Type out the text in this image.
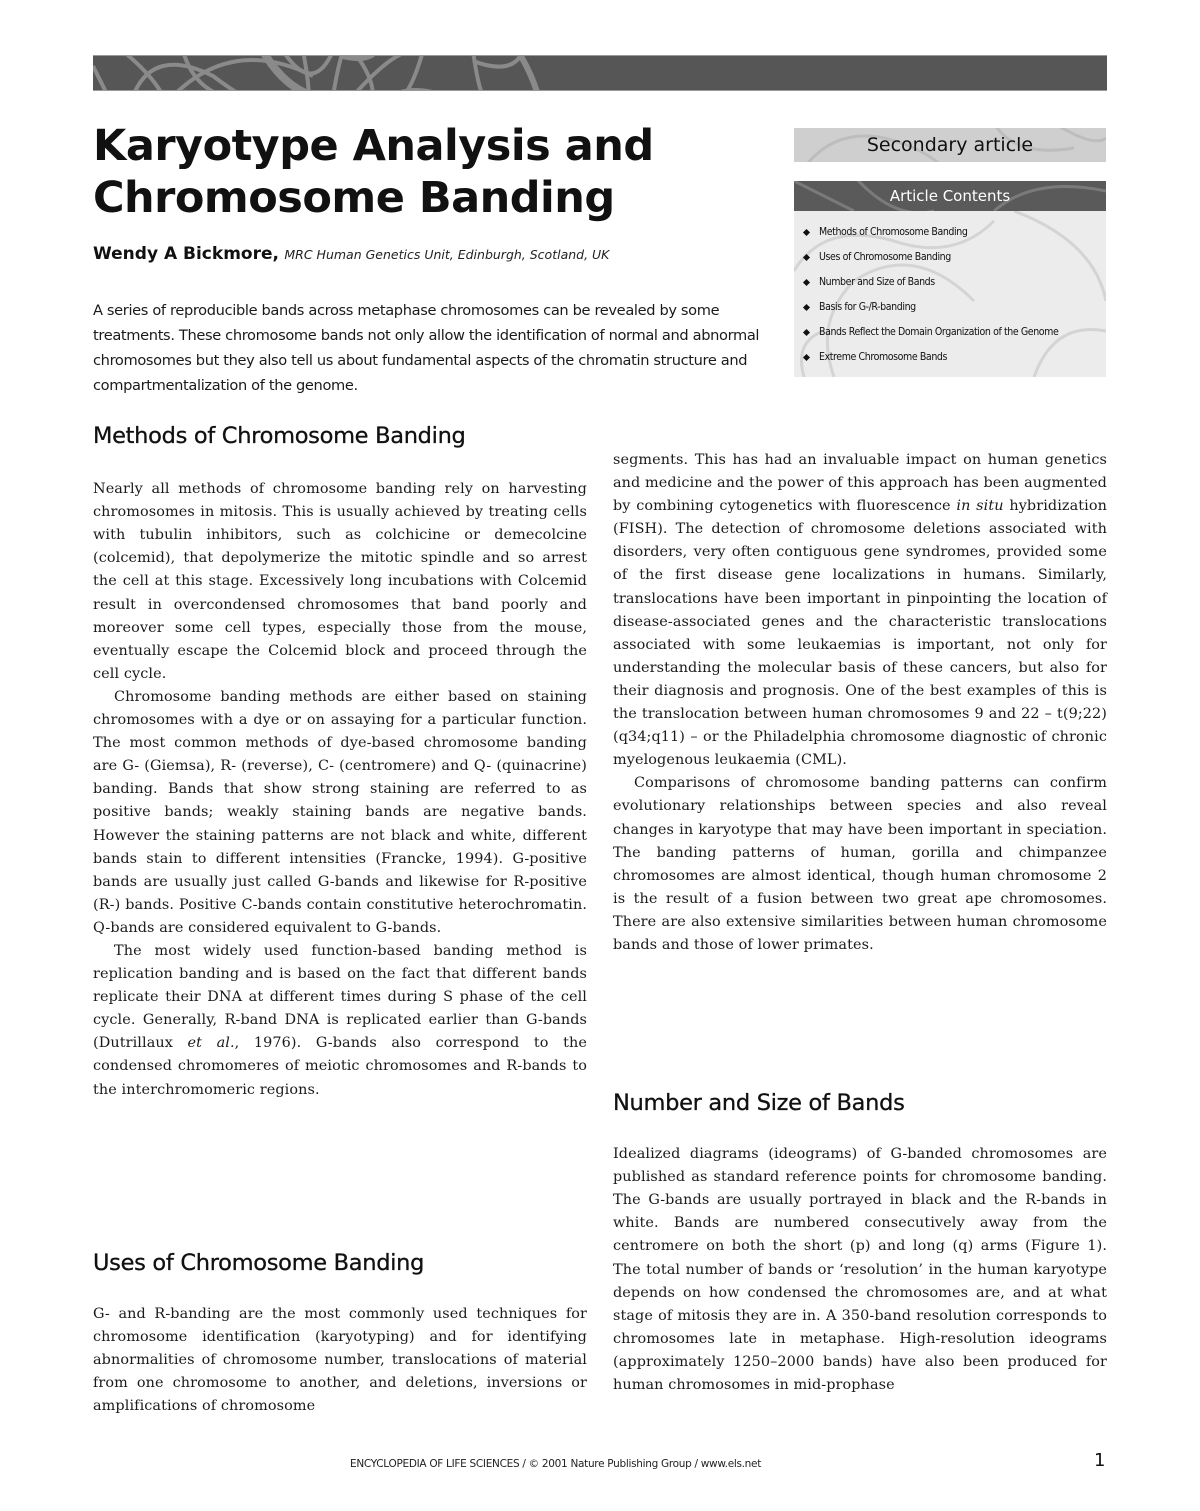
Karyotype Analysis and
Chromosome Banding
Wendy A Bickmore, MRC Human Genetics Unit, Edinburgh, Scotland, UK

A series of reproducible bands across metaphase chromosomes can be revealed by some treatments. These chromosome bands not only allow the identification of normal and abnormal chromosomes but they also tell us about fundamental aspects of the chromatin structure and compartmentalization of the genome.

Secondary article
Article Contents
Methods of Chromosome Banding
Uses of Chromosome Banding
Number and Size of Bands
Basis for G-/R-banding
Bands Reflect the Domain Organization of the Genome
Extreme Chromosome Bands
Methods of Chromosome Banding

Nearly all methods of chromosome banding rely on harvesting chromosomes in mitosis. This is usually achieved by treating cells with tubulin inhibitors, such as colchicine or demecolcine (colcemid), that depolymerize the mitotic spindle and so arrest the cell at this stage. Excessively long incubations with Colcemid result in overcondensed chromosomes that band poorly and moreover some cell types, especially those from the mouse, eventually escape the Colcemid block and proceed through the cell cycle.

Chromosome banding methods are either based on staining chromosomes with a dye or on assaying for a particular function. The most common methods of dye-based chromosome banding are G- (Giemsa), R- (reverse), C- (centromere) and Q- (quinacrine) banding. Bands that show strong staining are referred to as positive bands; weakly staining bands are negative bands. However the staining patterns are not black and white, different bands stain to different intensities (Francke, 1994). G-positive bands are usually just called G-bands and likewise for R-positive (R-) bands. Positive C-bands contain constitutive heterochromatin. Q-bands are considered equivalent to G-bands.

The most widely used function-based banding method is replication banding and is based on the fact that different bands replicate their DNA at different times during S phase of the cell cycle. Generally, R-band DNA is replicated earlier than G-bands (Dutrillaux et al., 1976). G-bands also correspond to the condensed chromomeres of meiotic chromosomes and R-bands to the interchromomeric regions.

Uses of Chromosome Banding

G- and R-banding are the most commonly used techniques for chromosome identification (karyotyping) and for identifying abnormalities of chromosome number, translocations of material from one chromosome to another, and deletions, inversions or amplifications of chromosome

segments. This has had an invaluable impact on human genetics and medicine and the power of this approach has been augmented by combining cytogenetics with fluorescence in situ hybridization (FISH). The detection of chromosome deletions associated with disorders, very often contiguous gene syndromes, provided some of the first disease gene localizations in humans. Similarly, translocations have been important in pinpointing the location of disease-associated genes and the characteristic translocations associated with some leukaemias is important, not only for understanding the molecular basis of these cancers, but also for their diagnosis and prognosis. One of the best examples of this is the translocation between human chromosomes 9 and 22 – t(9;22)(q34;q11) – or the Philadelphia chromosome diagnostic of chronic myelogenous leukaemia (CML).

Comparisons of chromosome banding patterns can confirm evolutionary relationships between species and also reveal changes in karyotype that may have been important in speciation. The banding patterns of human, gorilla and chimpanzee chromosomes are almost identical, though human chromosome 2 is the result of a fusion between two great ape chromosomes. There are also extensive similarities between human chromosome bands and those of lower primates.

Number and Size of Bands

Idealized diagrams (ideograms) of G-banded chromosomes are published as standard reference points for chromosome banding. The G-bands are usually portrayed in black and the R-bands in white. Bands are numbered consecutively away from the centromere on both the short (p) and long (q) arms (Figure 1). The total number of bands or ‘resolution’ in the human karyotype depends on how condensed the chromosomes are, and at what stage of mitosis they are in. A 350-band resolution corresponds to chromosomes late in metaphase. High-resolution ideograms (approximately 1250–2000 bands) have also been produced for human chromosomes in mid-prophase

ENCYCLOPEDIA OF LIFE SCIENCES / © 2001 Nature Publishing Group / www.els.net	1
